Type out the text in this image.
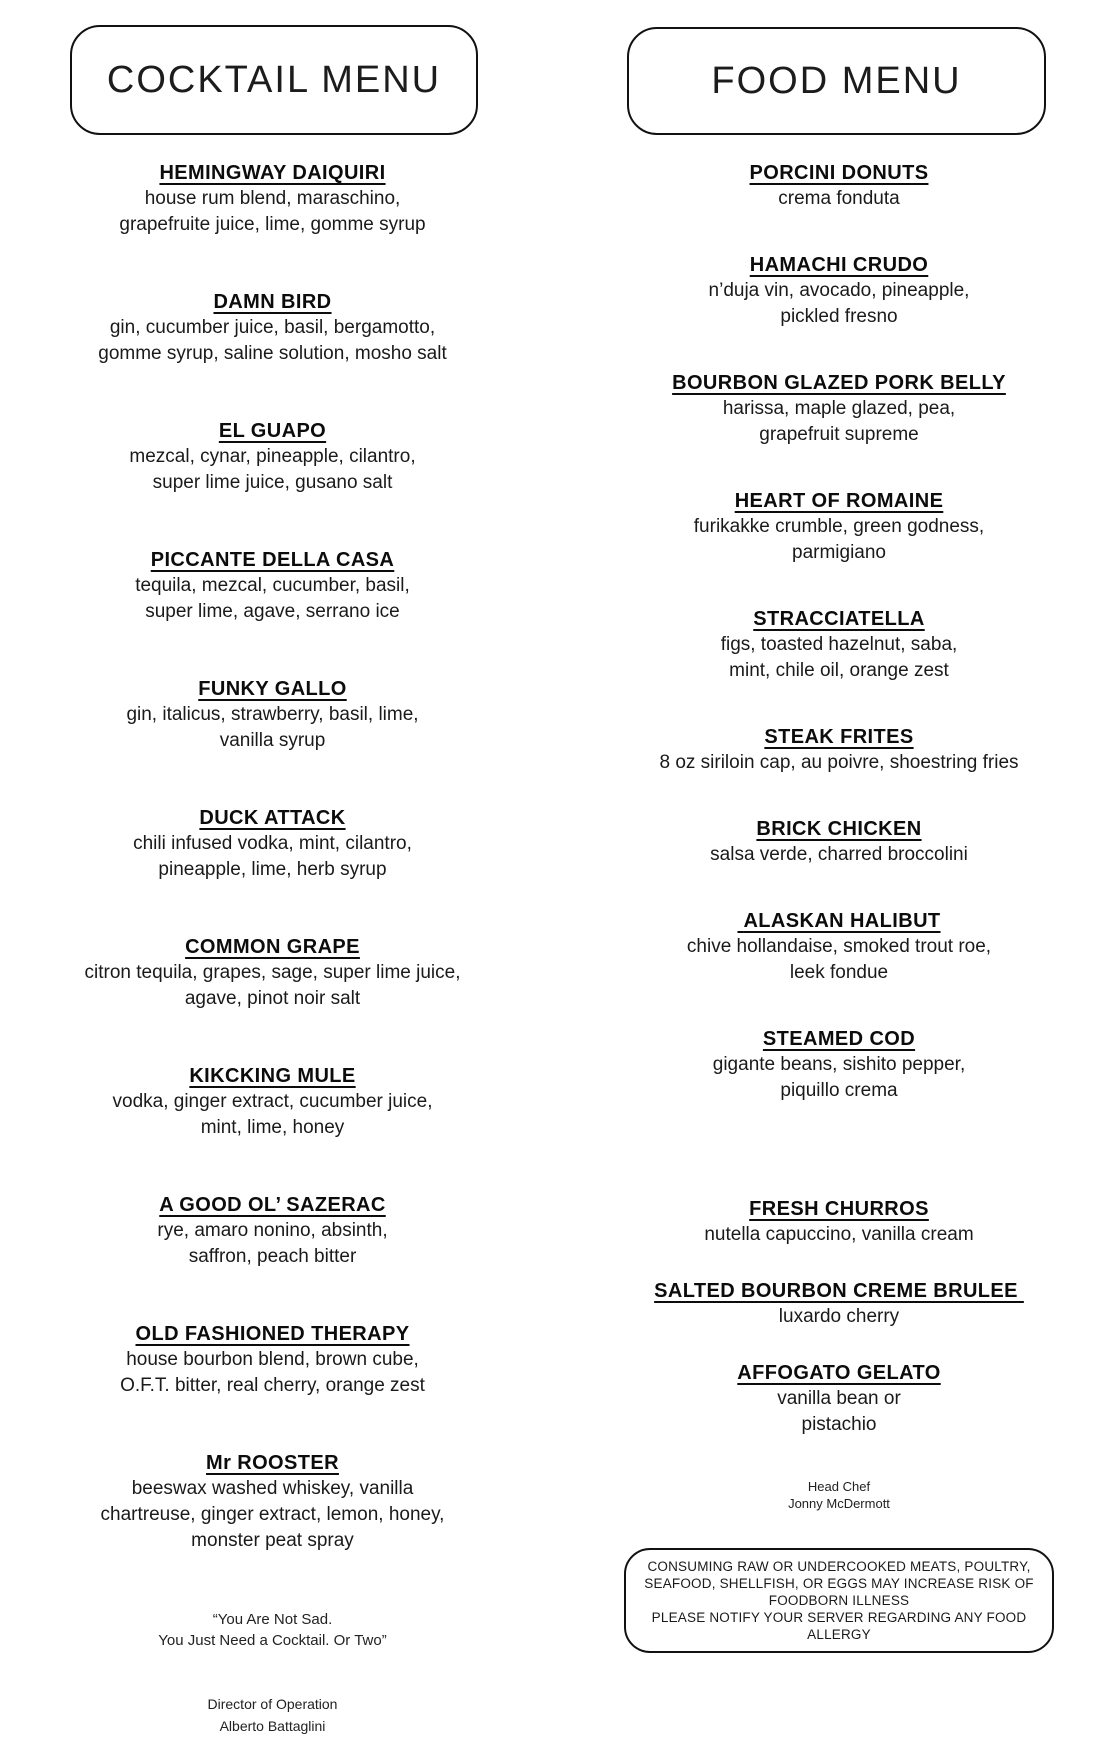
COCKTAIL MENU
HEMINGWAY DAIQUIRI
house rum blend, maraschino,
grapefruite juice, lime, gomme syrup
DAMN BIRD
gin, cucumber juice, basil, bergamotto,
gomme syrup, saline solution, mosho salt
EL GUAPO
mezcal, cynar, pineapple, cilantro,
super lime juice, gusano salt
PICCANTE DELLA CASA
tequila, mezcal, cucumber, basil,
super lime, agave, serrano ice
FUNKY GALLO
gin, italicus, strawberry, basil, lime,
vanilla syrup
DUCK ATTACK
chili infused vodka, mint, cilantro,
pineapple, lime, herb syrup
COMMON GRAPE
citron tequila, grapes, sage, super lime juice,
agave, pinot noir salt
KIKCKING MULE
vodka, ginger extract, cucumber juice,
mint, lime, honey
A GOOD OL’ SAZERAC
rye, amaro nonino, absinth,
saffron, peach bitter
OLD FASHIONED THERAPY
house bourbon blend, brown cube,
O.F.T. bitter, real cherry, orange zest
Mr ROOSTER
beeswax washed whiskey, vanilla
chartreuse, ginger extract, lemon, honey,
monster peat spray
“You Are Not Sad.
You Just Need a Cocktail. Or Two”
Director of Operation
Alberto Battaglini
FOOD MENU
PORCINI DONUTS
crema fonduta
HAMACHI CRUDO
n’duja vin, avocado, pineapple,
pickled fresno
BOURBON GLAZED PORK BELLY
harissa, maple glazed, pea,
grapefruit supreme
HEART OF ROMAINE
furikakke crumble, green godness,
parmigiano
STRACCIATELLA
figs, toasted hazelnut, saba,
mint, chile oil, orange zest
STEAK FRITES
8 oz siriloin cap, au poivre, shoestring fries
BRICK CHICKEN
salsa verde, charred broccolini
ALASKAN HALIBUT
chive hollandaise, smoked trout roe,
leek fondue
STEAMED COD
gigante beans, sishito pepper,
piquillo crema
FRESH CHURROS
nutella capuccino, vanilla cream
SALTED BOURBON CREME BRULEE
luxardo cherry
AFFOGATO GELATO
vanilla bean or
pistachio
Head Chef
Jonny McDermott
CONSUMING RAW OR UNDERCOOKED MEATS, POULTRY,
SEAFOOD, SHELLFISH, OR EGGS MAY INCREASE RISK OF
FOODBORN ILLNESS
PLEASE NOTIFY YOUR SERVER REGARDING ANY FOOD ALLERGY
